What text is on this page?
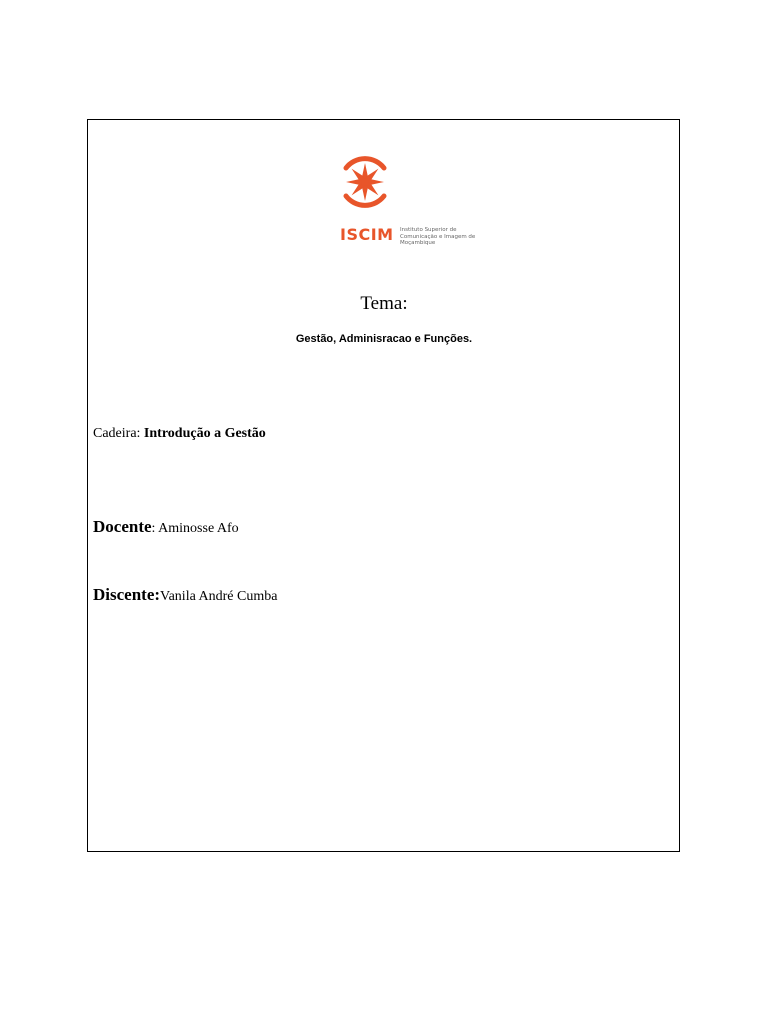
ISCIM Instituto Superior de Comunicação e Imagem de Moçambique
Tema:
Gestão, Adminisracao e Funções.
Cadeira: Introdução a Gestão
Docente: Aminosse Afo
Discente:Vanila André Cumba
